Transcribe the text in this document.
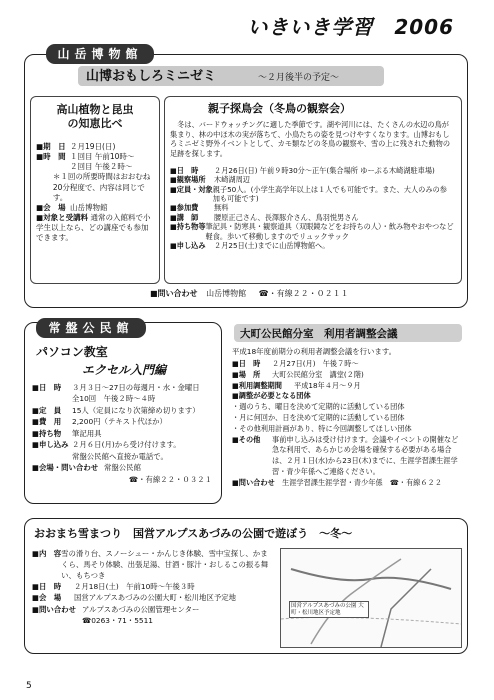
いきいき学習　2006
山岳博物館
山博おもしろミニゼミ	～２月後半の予定～
高山植物と昆虫
の知恵比べ
■期　日 ２月19日(日)
■時　間 １回目 午前10時～
２回目 午後２時～
＊１回の所要時間はおおむね20分程度で、内容は同じです。
■会　場 山岳博物館
■対象と受講料 通常の入館料で小学生以上なら、どの講座でも参加できます。
親子探鳥会（冬鳥の観察会）
冬は、バードウォッチングに適した季節です。湖や河川には、たくさんの水辺の鳥が集まり、林の中ほ木の実が落ちて、小鳥たちの姿を見つけやすくなります。山博おもしろミニゼミ野外イベントとして、カモ類などの冬鳥の観察や、雪の上に残された動物の足跡を探します。
■日　時	２月26日(日) 午前９時30分～正午(集合場所 ゆーぷる木崎湖駐車場)
■観察場所	木崎湖周辺
■定員・対象 親子50人。(小学生高学年以上は１人でも可能です。また、大人のみの参加も可能です)
■参加費	無料
■講　師	腰原正己さん、長澤豚介さん、鳥羽悦男さん
■持ち物等 筆記具・防寒具・観察道具（双眼鏡などをお持ちの人）・飲み物やおやつなど軽食。歩いて移動しますのでリュックサック
■申し込み	２月25日(土)までに山岳博物館へ。
■問い合わせ 山岳博物館 ☎・有線２２・０２１１
常盤公民館
パソコン教室
エクセル入門編
■日　時	３月３日～27日の毎週月・水・金曜日
全10回　午後２時～４時
■定　員	15人（定員になり次第締め切ります）
■費　用	2,200円（テキスト代ほか）
■持ち物	筆記用具
■申し込み ２月６日(月)から受け付けます。
常盤公民館へ直接か電話で。
■会場・問い合わせ 常盤公民館
☎・有線２２・０３２１
大町公民館分室　利用者調整会議
平成18年度前期分の利用者調整会議を行います。
■日　時	２月27日(月)　午後７時～
■場　所	大町公民館分室　講堂(２階)
■利用調整期間	平成18年４月～９月
■調整が必要となる団体
・週のうち、曜日を決めて定期的に活動している団体
・月に何回か、日を決めて定期的に活動している団体
・その他利用計画があり、特に今回調整してほしい団体
■その他	事前申し込みは受け付けます。会議やイベントの開催など急な利用で、あらかじめ会場を確保する必要がある場合は、２月１日(水)から23日(木)までに、生涯学習課生涯学習・青少年係へご連絡ください。
■問い合わせ	生涯学習課生涯学習・青少年係　☎・有線６２２
おおまち雪まつり　国営アルプスあづみの公園で遊ぼう　～冬～
■内　容 雪の滑り台、スノーシュー・かんじき体験、雪中宝探し、かまくら、馬そり体験、出張足湯、甘酒・豚汁・おしるこの振る舞い、もちつき
■日　時	２月18日(土)　午前10時～午後３時
■会　場	国営アルプスあづみの公園大町・松川地区予定地
■問い合わせ アルプスあづみの公園管理センター
☎0263・71・5511
国営アルプスあづみの公園 大町・松川地区予定地
5
